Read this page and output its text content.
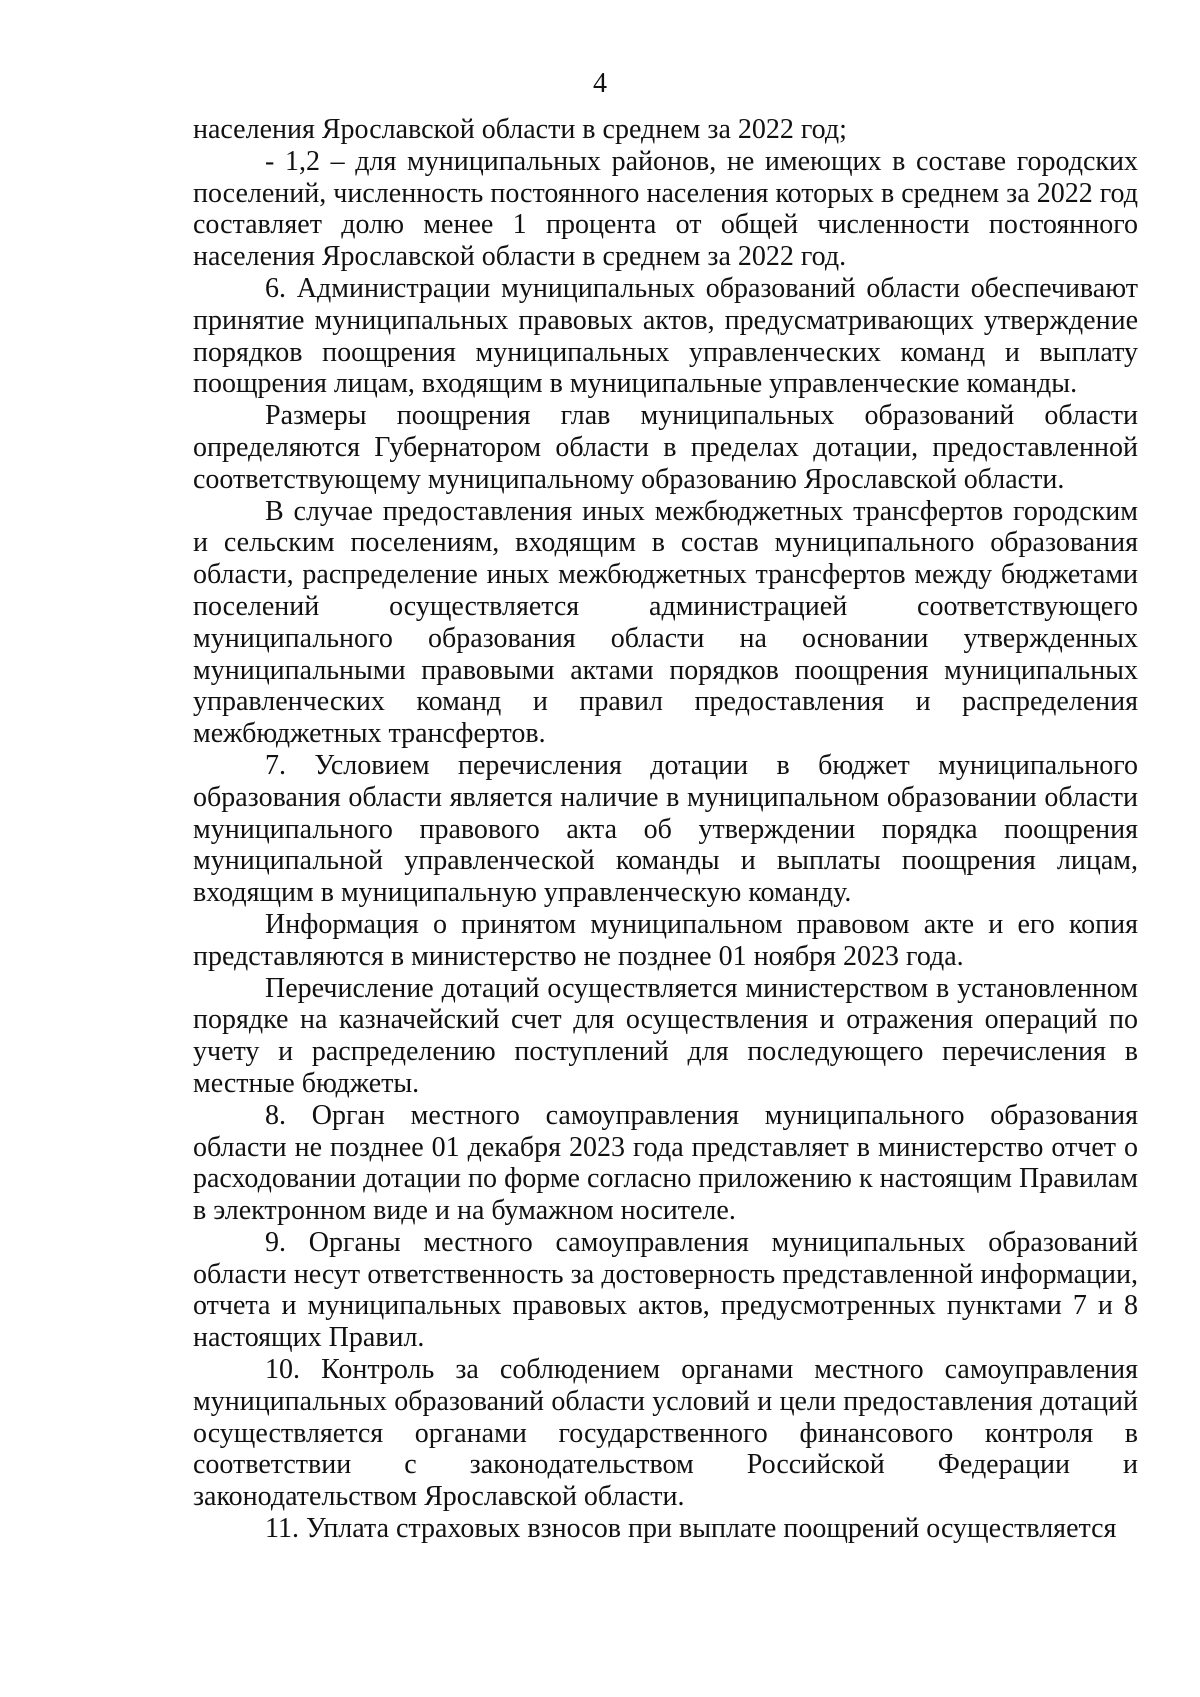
4

населения Ярославской области в среднем за 2022 год;

- 1,2 – для муниципальных районов, не имеющих в составе городских поселений, численность постоянного населения которых в среднем за 2022 год составляет долю менее 1 процента от общей численности постоянного населения Ярославской области в среднем за 2022 год.

6. Администрации муниципальных образований области обеспечивают принятие муниципальных правовых актов, предусматривающих утверждение порядков поощрения муниципальных управленческих команд и выплату поощрения лицам, входящим в муниципальные управленческие команды.

Размеры поощрения глав муниципальных образований области определяются Губернатором области в пределах дотации, предоставленной соответствующему муниципальному образованию Ярославской области.

В случае предоставления иных межбюджетных трансфертов городским и сельским поселениям, входящим в состав муниципального образования области, распределение иных межбюджетных трансфертов между бюджетами поселений осуществляется администрацией соответствующего муниципального образования области на основании утвержденных муниципальными правовыми актами порядков поощрения муниципальных управленческих команд и правил предоставления и распределения межбюджетных трансфертов.

7. Условием перечисления дотации в бюджет муниципального образования области является наличие в муниципальном образовании области муниципального правового акта об утверждении порядка поощрения муниципальной управленческой команды и выплаты поощрения лицам, входящим в муниципальную управленческую команду.

Информация о принятом муниципальном правовом акте и его копия представляются в министерство не позднее 01 ноября 2023 года.

Перечисление дотаций осуществляется министерством в установленном порядке на казначейский счет для осуществления и отражения операций по учету и распределению поступлений для последующего перечисления в местные бюджеты.

8. Орган местного самоуправления муниципального образования области не позднее 01 декабря 2023 года представляет в министерство отчет о расходовании дотации по форме согласно приложению к настоящим Правилам в электронном виде и на бумажном носителе.

9. Органы местного самоуправления муниципальных образований области несут ответственность за достоверность представленной информации, отчета и муниципальных правовых актов, предусмотренных пунктами 7 и 8 настоящих Правил.

10. Контроль за соблюдением органами местного самоуправления муниципальных образований области условий и цели предоставления дотаций осуществляется органами государственного финансового контроля в соответствии с законодательством Российской Федерации и законодательством Ярославской области.

11. Уплата страховых взносов при выплате поощрений осуществляется
